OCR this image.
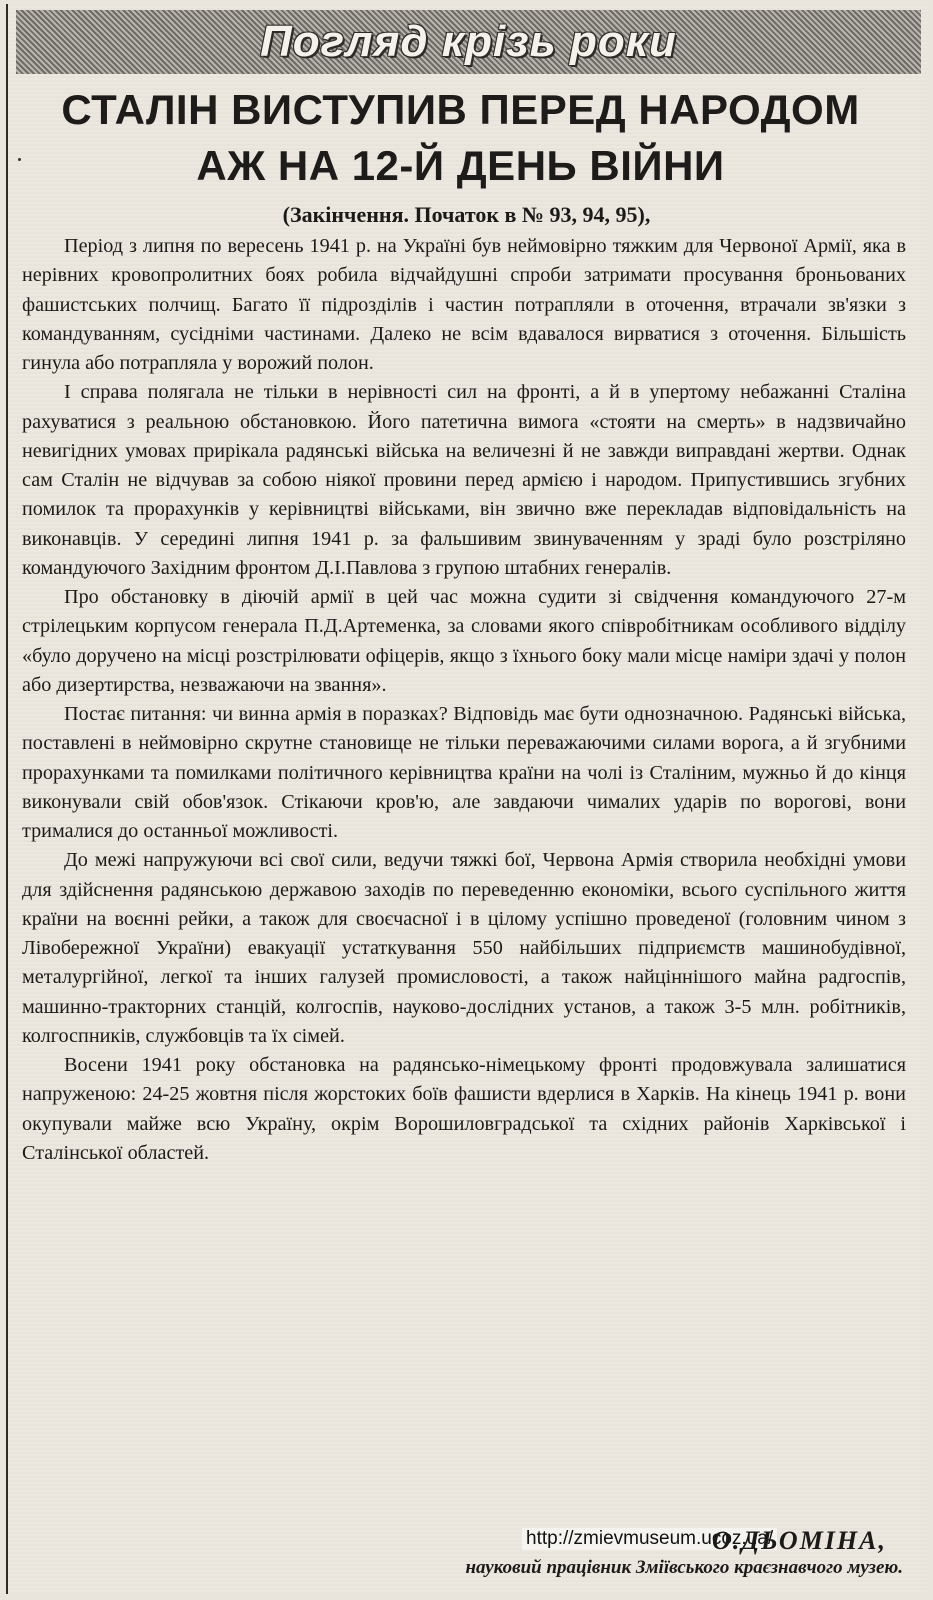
Погляд крізь роки
СТАЛІН ВИСТУПИВ ПЕРЕД НАРОДОМ
АЖ НА 12-Й ДЕНЬ ВІЙНИ
(Закінчення. Початок в № 93, 94, 95),

Період з липня по вересень 1941 р. на Україні був неймовірно тяжким для Червоної Армії, яка в нерівних кровопролитних боях робила відчайдушні спроби затримати просування броньованих фашистських полчищ. Багато її підрозділів і частин потрапляли в оточення, втрачали зв'язки з командуванням, сусідніми частинами. Далеко не всім вдавалося вирватися з оточення. Більшість гинула або потрапляла у ворожий полон.

І справа полягала не тільки в нерівності сил на фронті, а й в упертому небажанні Сталіна рахуватися з реальною обстановкою. Його патетична вимога «стояти на смерть» в надзвичайно невигідних умовах прирікала радянські війська на величезні й не завжди виправдані жертви. Однак сам Сталін не відчував за собою ніякої провини перед армією і народом. Припустившись згубних помилок та прорахунків у керівництві військами, він звично вже перекладав відповідальність на виконавців. У середині липня 1941 р. за фальшивим звинуваченням у зраді було розстріляно командуючого Західним фронтом Д.І.Павлова з групою штабних генералів.

Про обстановку в діючій армії в цей час можна судити зі свідчення командуючого 27-м стрілецьким корпусом генерала П.Д.Артеменка, за словами якого співробітникам особливого відділу «було доручено на місці розстрілювати офіцерів, якщо з їхнього боку мали місце наміри здачі у полон або дизертирства, незважаючи на звання».

Постає питання: чи винна армія в поразках? Відповідь має бути однозначною. Радянські війська, поставлені в неймовірно скрутне становище не тільки переважаючими силами ворога, а й згубними прорахунками та помилками політичного керівництва країни на чолі із Сталіним, мужньо й до кінця виконували свій обов'язок. Стікаючи кров'ю, але завдаючи чималих ударів по ворогові, вони трималися до останньої можливості.

До межі напружуючи всі свої сили, ведучи тяжкі бої, Червона Армія створила необхідні умови для здійснення радянською державою заходів по переведенню економіки, всього суспільного життя країни на воєнні рейки, а також для своєчасної і в цілому успішно проведеної (головним чином з Лівобережної України) евакуації устаткування 550 найбільших підприємств машинобудівної, металургійної, легкої та інших галузей промисловості, а також найціннішого майна радгоспів, машинно-тракторних станцій, колгоспів, науково-дослідних установ, а також 3-5 млн. робітників, колгоспників, службовців та їх сімей.

Восени 1941 року обстановка на радянсько-німецькому фронті продовжувала залишатися напруженою: 24-25 жовтня після жорстоких боїв фашисти вдерлися в Харків. На кінець 1941 р. вони окупували майже всю Україну, окрім Ворошиловградської та східних районів Харківської і Сталінської областей.

http://zmievmuseum.ucoz.ua/
О.ДЬОМІНА,
науковий працівник Зміївського краєзнавчого музею.
